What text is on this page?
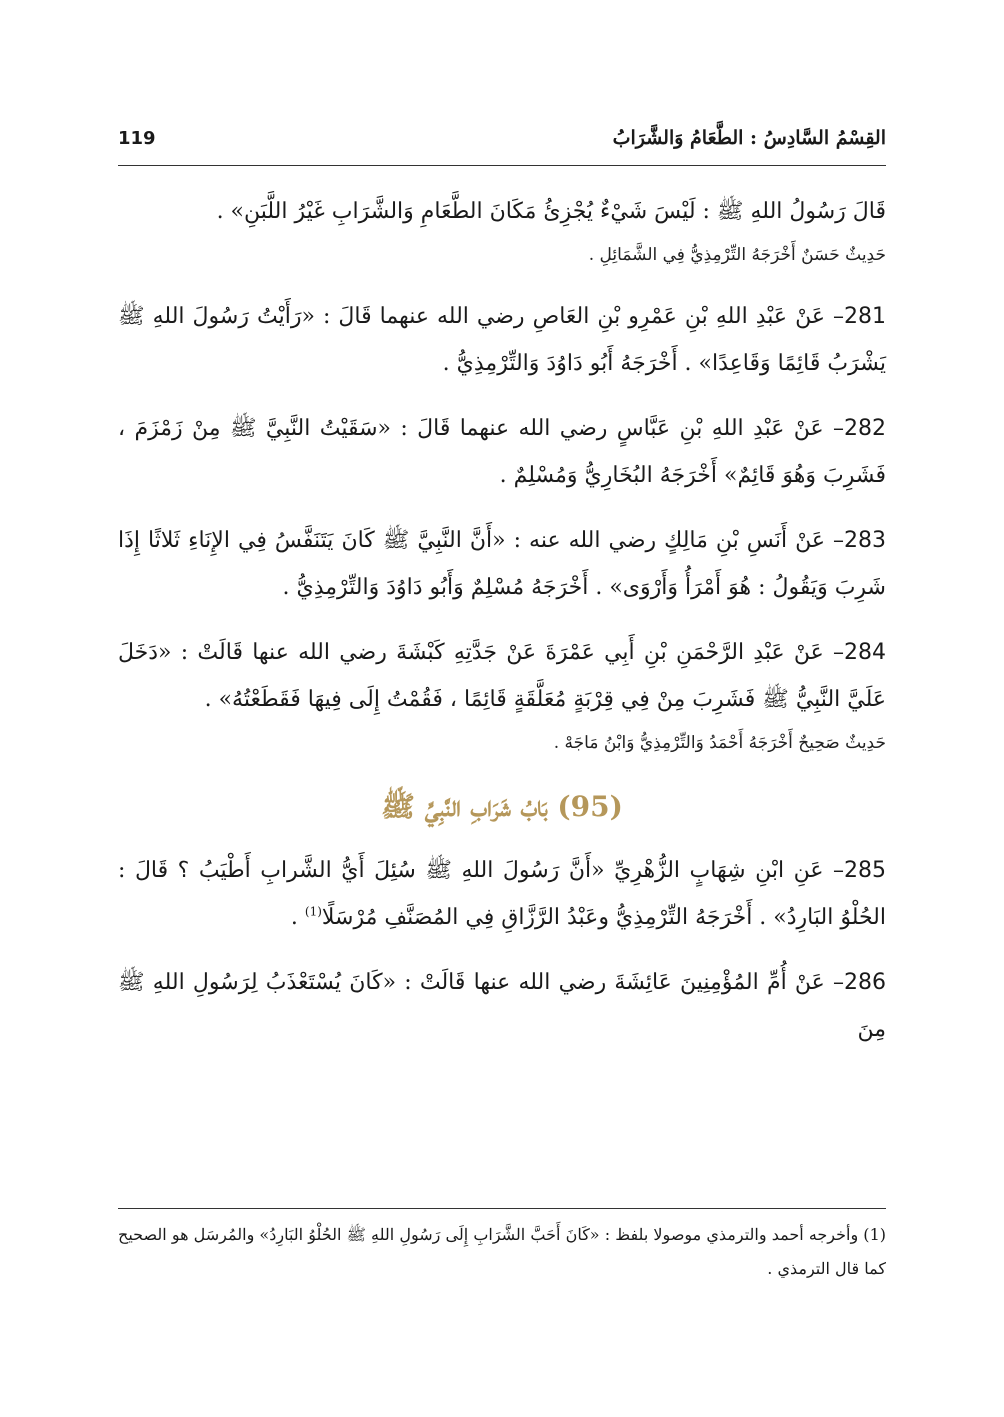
القِسْمُ السَّادِسُ : الطَّعَامُ وَالشَّرَابُ
119

قَالَ رَسُولُ اللهِ ﷺ : لَيْسَ شَيْءٌ يُجْزِئُ مَكَانَ الطَّعَامِ وَالشَّرَابِ غَيْرُ اللَّبَنِ» .

حَدِيثٌ حَسَنٌ أَخْرَجَهُ التِّرْمِذِيُّ فِي الشَّمَائِلِ .

281– عَنْ عَبْدِ اللهِ بْنِ عَمْرِو بْنِ العَاصِ رضي الله عنهما قَالَ : «رَأَيْتُ رَسُولَ اللهِ ﷺ يَشْرَبُ قَائِمًا وَقَاعِدًا» . أَخْرَجَهُ أَبُو دَاوُدَ وَالتِّرْمِذِيُّ .

282– عَنْ عَبْدِ اللهِ بْنِ عَبَّاسٍ رضي الله عنهما قَالَ : «سَقَيْتُ النَّبِيَّ ﷺ مِنْ زَمْزَمَ ، فَشَرِبَ وَهُوَ قَائِمٌ» أَخْرَجَهُ البُخَارِيُّ وَمُسْلِمٌ .

283– عَنْ أَنَسِ بْنِ مَالِكٍ رضي الله عنه : «أَنَّ النَّبِيَّ ﷺ كَانَ يَتَنَفَّسُ فِي الإِنَاءِ ثَلاثًا إِذَا شَرِبَ وَيَقُولُ : هُوَ أَمْرَأُ وَأَرْوَى» . أَخْرَجَهُ مُسْلِمٌ وَأَبُو دَاوُدَ وَالتِّرْمِذِيُّ .

284– عَنْ عَبْدِ الرَّحْمَنِ بْنِ أَبِي عَمْرَةَ عَنْ جَدَّتِهِ كَبْشَةَ رضي الله عنها قَالَتْ : «دَخَلَ عَلَيَّ النَّبِيُّ ﷺ فَشَرِبَ مِنْ فِي قِرْبَةٍ مُعَلَّقَةٍ قَائِمًا ، فَقُمْتُ إِلَى فِيهَا فَقَطَعْتُهُ» .

حَدِيثٌ صَحِيحٌ أَخْرَجَهُ أَحْمَدُ وَالتِّرْمِذِيُّ وَابْنُ مَاجَهْ .

(95) بَابُ شَرَابِ النَّبِيِّ ﷺ

285– عَنِ ابْنِ شِهَابٍ الزُّهْرِيِّ «أَنَّ رَسُولَ اللهِ ﷺ سُئِلَ أَيُّ الشَّرابِ أَطْيَبُ ؟ قَالَ : الحُلْوُ البَارِدُ» . أَخْرَجَهُ التِّرْمِذِيُّ وعَبْدُ الرَّزَّاقِ فِي المُصَنَّفِ مُرْسَلًا$^{(1)}$ .

286– عَنْ أُمِّ المُؤْمِنِينَ عَائِشَةَ رضي الله عنها قَالَتْ : «كَانَ يُسْتَعْذَبُ لِرَسُولِ اللهِ ﷺ مِنَ

(1) وأخرجه أحمد والترمذي موصولا بلفظ : «كَانَ أَحَبَّ الشَّرَابِ إِلَى رَسُولِ اللهِ ﷺ الحُلْوُ البَارِدُ» والمُرسَل هو الصحيح كما قال الترمذي .
